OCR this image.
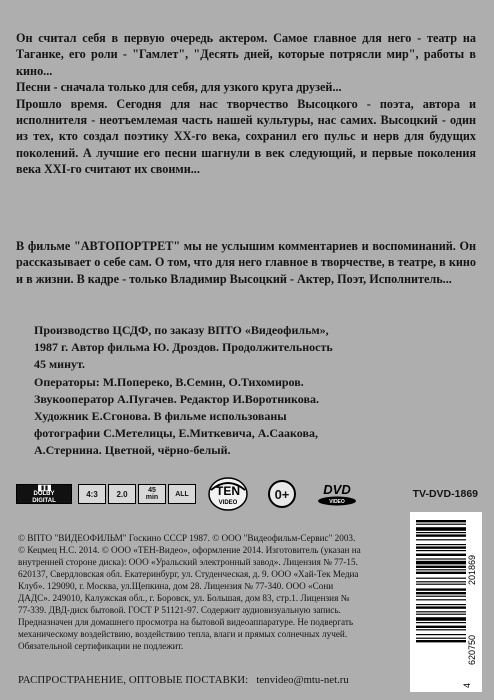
Он считал себя в первую очередь актером. Самое главное для него - театр на Таганке, его роли - "Гамлет", "Десять дней, которые потрясли мир", работы в кино...
Песни - сначала только для себя, для узкого круга друзей...
Прошло время. Сегодня для нас творчество Высоцкого - поэта, автора и исполнителя - неотъемлемая часть нашей культуры, нас самих. Высоцкий - один из тех, кто создал поэтику XX-го века, сохранил его пульс и нерв для будущих поколений. А лучшие его песни шагнули в век следующий, и первые поколения века XXI-го считают их своими...

В фильме "АВТОПОРТРЕТ" мы не услышим комментариев и воспоминаний. Он рассказывает о себе сам. О том, что для него главное в творчестве, в театре, в кино и в жизни. В кадре - только Владимир Высоцкий - Актер, Поэт, Исполнитель...

Производство ЦСДФ, по заказу ВПТО «Видеофильм»,
1987 г. Автор фильма Ю. Дроздов. Продолжительность
45 минут.
Операторы: М.Поперeко, В.Семин, О.Тихомиров.
Звукооператор А.Пугачев. Редактор И.Воротникова.
Художник Е.Сгонова. В фильме использованы
фотографии С.Метелицы, Е.Миткевича, А.Саакова,
А.Стернина. Цветной, чёрно-белый.

◧◨
DOLBY
DIGITAL
4:3	2.0	45
min	ALL	TEN
VIDEO
0+	DVD
VIDEO
TV-DVD-1869

© ВПТО "ВИДЕОФИЛЬМ" Госкино СССР 1987. © ООО "Видеофильм-Сервис" 2003.
© Кецмец Н.С. 2014. © ООО «ТЕН-Видео», оформление 2014. Изготовитель (указан на
внутренней стороне диска): ООО «Уральский электронный завод». Лицензия № 77-15.
620137, Свердловская обл. Екатеринбург, ул. Студенческая, д. 9. ООО «Хай-Тек Медиа
Клуб». 129090, г. Москва, ул.Щепкина, дом 28. Лицензия № 77-340. ООО «Сони
ДАДС». 249010, Калужская обл., г. Боровск, ул. Большая, дом 83, стр.1. Лицензия №
77-339. ДВД-диск бытовой. ГОСТ Р 51121-97. Содержит аудиовизуальную запись.
Предназначен для домашнего просмотра на бытовой видеоаппаратуре. Не подвергать
механическому воздействию, воздействию тепла, влаги и прямых солнечных лучей.
Обязательной сертификации не подлежит.

РАСПРОСТРАНЕНИЕ, ОПТОВЫЕ ПОСТАВКИ: tenvideo@mtu-net.ru	4
620750
201869
